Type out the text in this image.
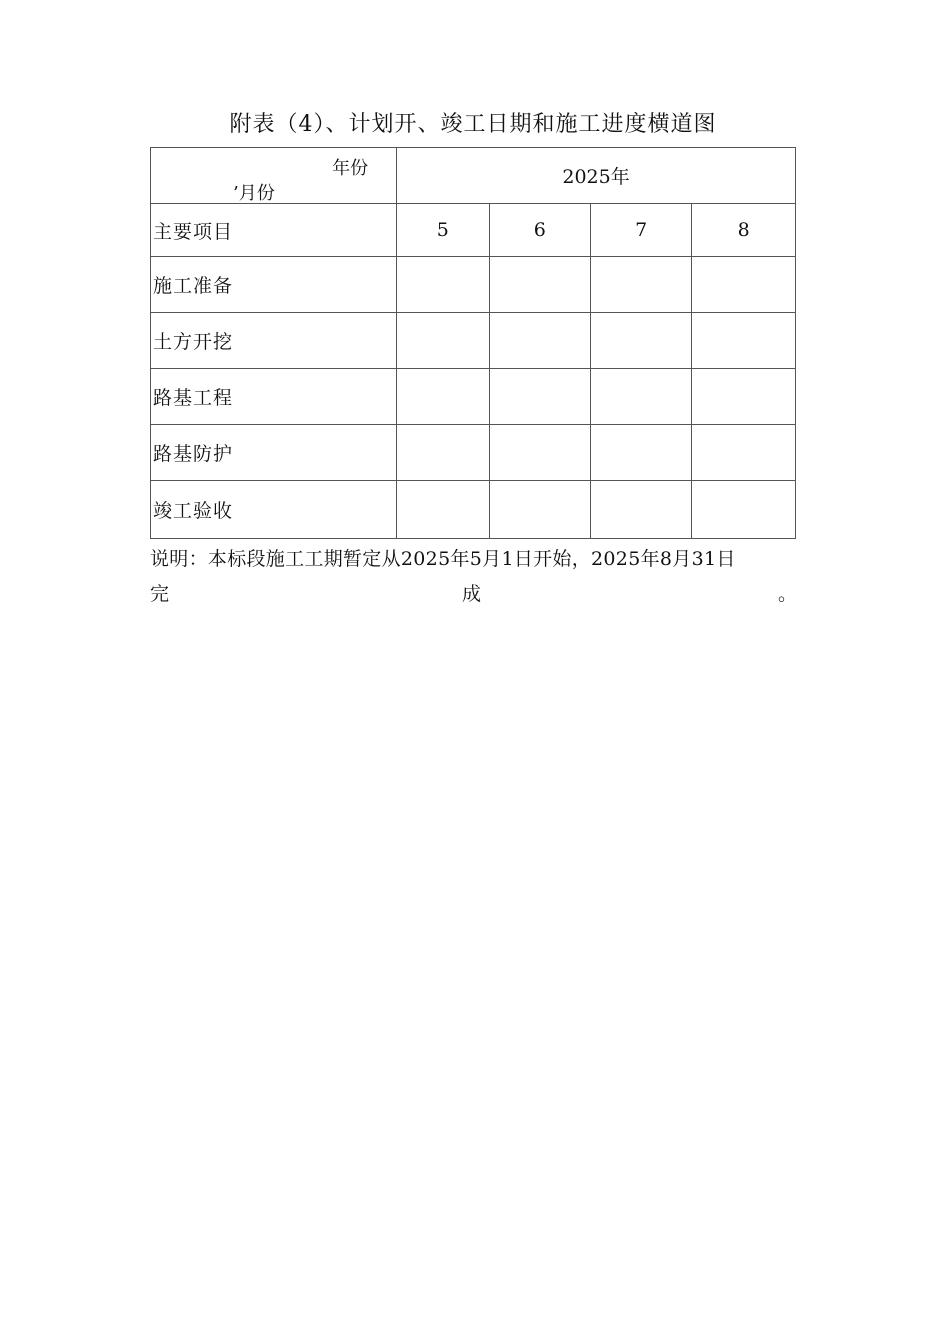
附表（4）、计划开、竣工日期和施工进度横道图
年份
’月份	2025年			
主要项目	5	6	7	8
施工准备				
土方开挖				
路基工程				
路基防护				
竣工验收				
说明：本标段施工工期暂定从2025年5月1日开始，2025年8月31日
完	成	。
